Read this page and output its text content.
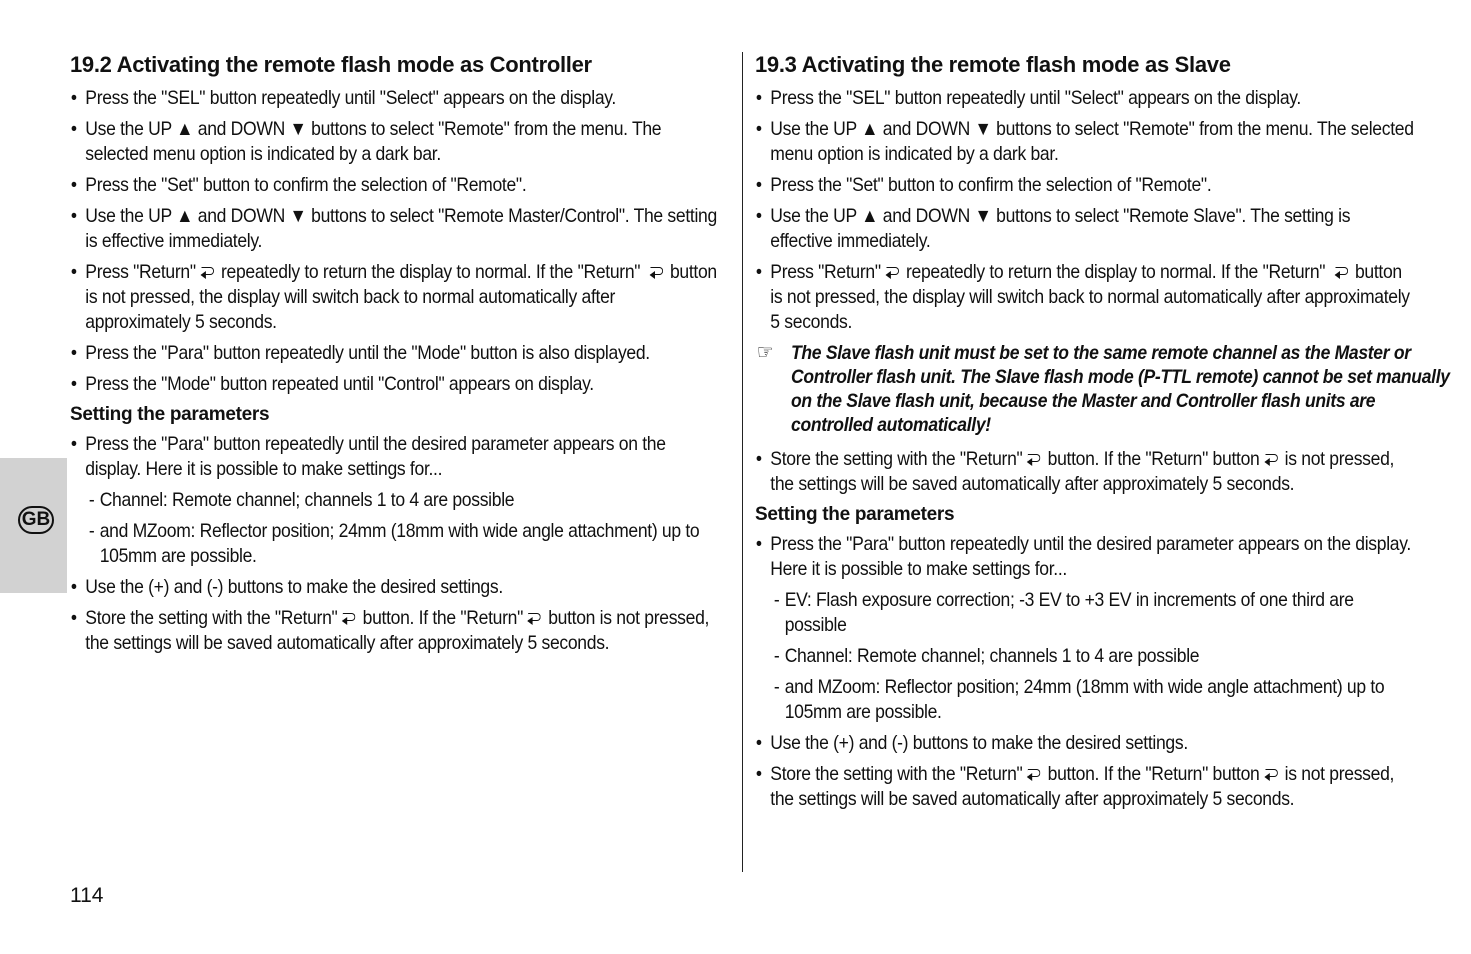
GB
19.2 Activating the remote flash mode as Controller

• Press the "SEL" button repeatedly until "Select" appears on the display.

• Use the UP ▲ and DOWN ▼ buttons to select "Remote" from the menu. The selected menu option is indicated by a dark bar.

• Press the "Set" button to confirm the selection of "Remote".

• Use the UP ▲ and DOWN ▼ buttons to select "Remote Master/Control". The setting is effective immediately.

• Press "Return" repeatedly to return the display to normal. If the "Return" button is not pressed, the display will switch back to normal automatically after approximately 5 seconds.

• Press the "Para" button repeatedly until the "Mode" button is also displayed.

• Press the "Mode" button repeated until "Control" appears on display.

Setting the parameters

• Press the "Para" button repeatedly until the desired parameter appears on the display. Here it is possible to make settings for...

- Channel: Remote channel; channels 1 to 4 are possible

- and MZoom: Reflector position; 24mm (18mm with wide angle attachment) up to 105mm are possible.

• Use the (+) and (-) buttons to make the desired settings.

• Store the setting with the "Return" button. If the "Return" button is not pressed, the settings will be saved automatically after approximately 5 seconds.

19.3 Activating the remote flash mode as Slave

• Press the "SEL" button repeatedly until "Select" appears on the display.

• Use the UP ▲ and DOWN ▼ buttons to select "Remote" from the menu. The selected menu option is indicated by a dark bar.

• Press the "Set" button to confirm the selection of "Remote".

• Use the UP ▲ and DOWN ▼ buttons to select "Remote Slave". The setting is effective immediately.

• Press "Return" repeatedly to return the display to normal. If the "Return" button is not pressed, the display will switch back to normal automatically after approximately 5 seconds.

☞ The Slave flash unit must be set to the same remote channel as the Master or Controller flash unit. The Slave flash mode (P-TTL remote) cannot be set manually on the Slave flash unit, because the Master and Controller flash units are controlled automatically!

• Store the setting with the "Return" button. If the "Return" button is not pressed, the settings will be saved automatically after approximately 5 seconds.

Setting the parameters

• Press the "Para" button repeatedly until the desired parameter appears on the display. Here it is possible to make settings for...

- EV: Flash exposure correction; -3 EV to +3 EV in increments of one third are possible

- Channel: Remote channel; channels 1 to 4 are possible

- and MZoom: Reflector position; 24mm (18mm with wide angle attachment) up to 105mm are possible.

• Use the (+) and (-) buttons to make the desired settings.

• Store the setting with the "Return" button. If the "Return" button is not pressed, the settings will be saved automatically after approximately 5 seconds.

114
